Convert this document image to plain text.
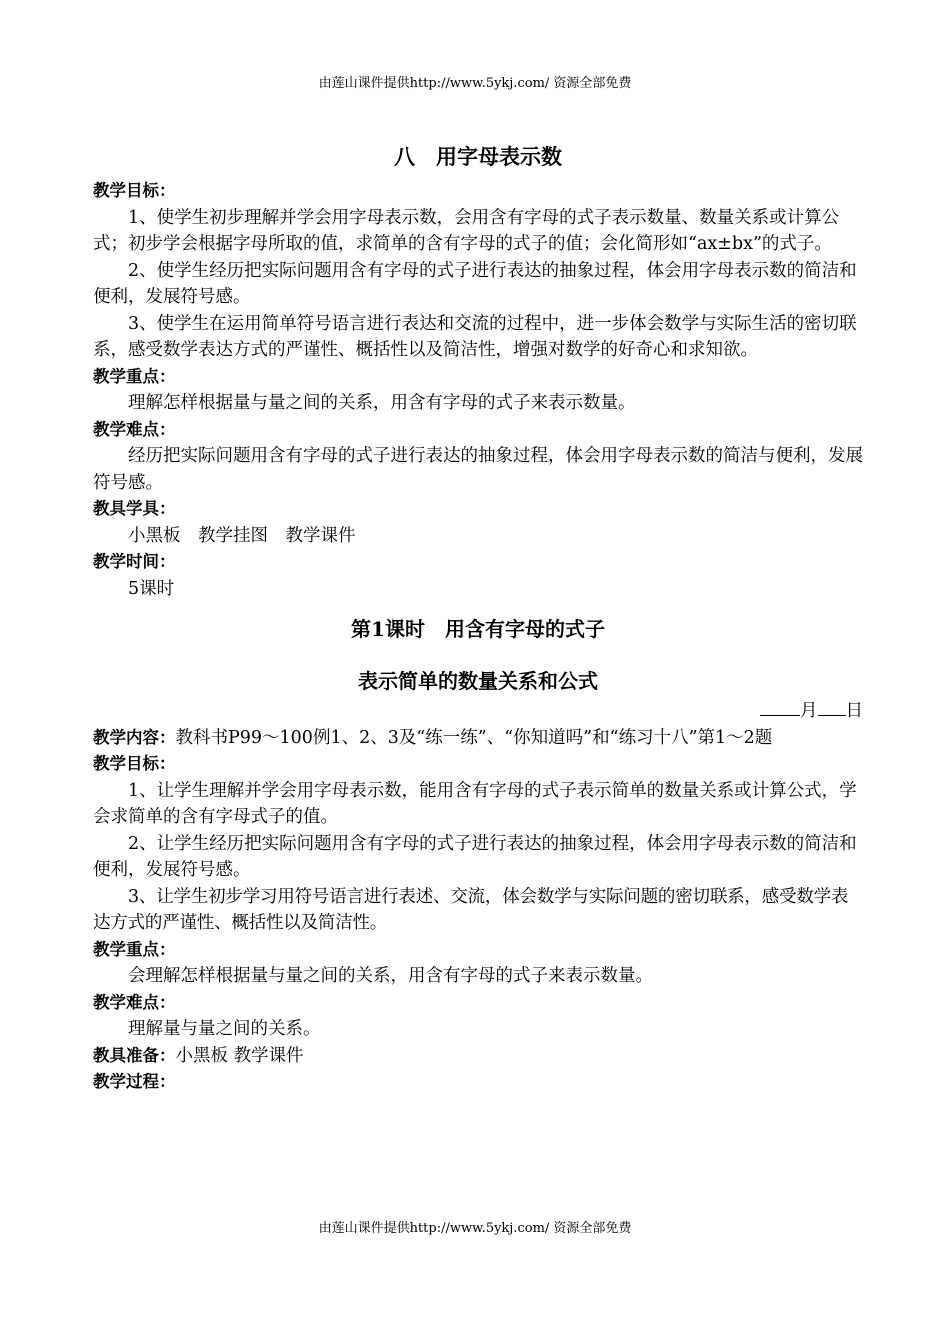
由莲山课件提供http://www.5ykj.com/ 资源全部免费
八　用字母表示数
教学目标：
1、使学生初步理解并学会用字母表示数，会用含有字母的式子表示数量、数量关系或计算公式；初步学会根据字母所取的值，求简单的含有字母的式子的值；会化简形如“ax±bx”的式子。
2、使学生经历把实际问题用含有字母的式子进行表达的抽象过程，体会用字母表示数的简洁和便利，发展符号感。
3、使学生在运用简单符号语言进行表达和交流的过程中，进一步体会数学与实际生活的密切联系，感受数学表达方式的严谨性、概括性以及简洁性，增强对数学的好奇心和求知欲。
教学重点：
理解怎样根据量与量之间的关系，用含有字母的式子来表示数量。
教学难点：
经历把实际问题用含有字母的式子进行表达的抽象过程，体会用字母表示数的简洁与便利，发展符号感。
教具学具：
小黑板　教学挂图　教学课件
教学时间：
5课时
第1课时　用含有字母的式子
表示简单的数量关系和公式
月 日
教学内容：教科书P99～100例1、2、3及“练一练”、“你知道吗”和“练习十八”第1～2题
教学目标：
1、让学生理解并学会用字母表示数，能用含有字母的式子表示简单的数量关系或计算公式，学会求简单的含有字母式子的值。
2、让学生经历把实际问题用含有字母的式子进行表达的抽象过程，体会用字母表示数的简洁和便利，发展符号感。
3、让学生初步学习用符号语言进行表述、交流，体会数学与实际问题的密切联系，感受数学表达方式的严谨性、概括性以及简洁性。
教学重点：
会理解怎样根据量与量之间的关系，用含有字母的式子来表示数量。
教学难点：
理解量与量之间的关系。
教具准备：小黑板 教学课件
教学过程：
由莲山课件提供http://www.5ykj.com/ 资源全部免费
